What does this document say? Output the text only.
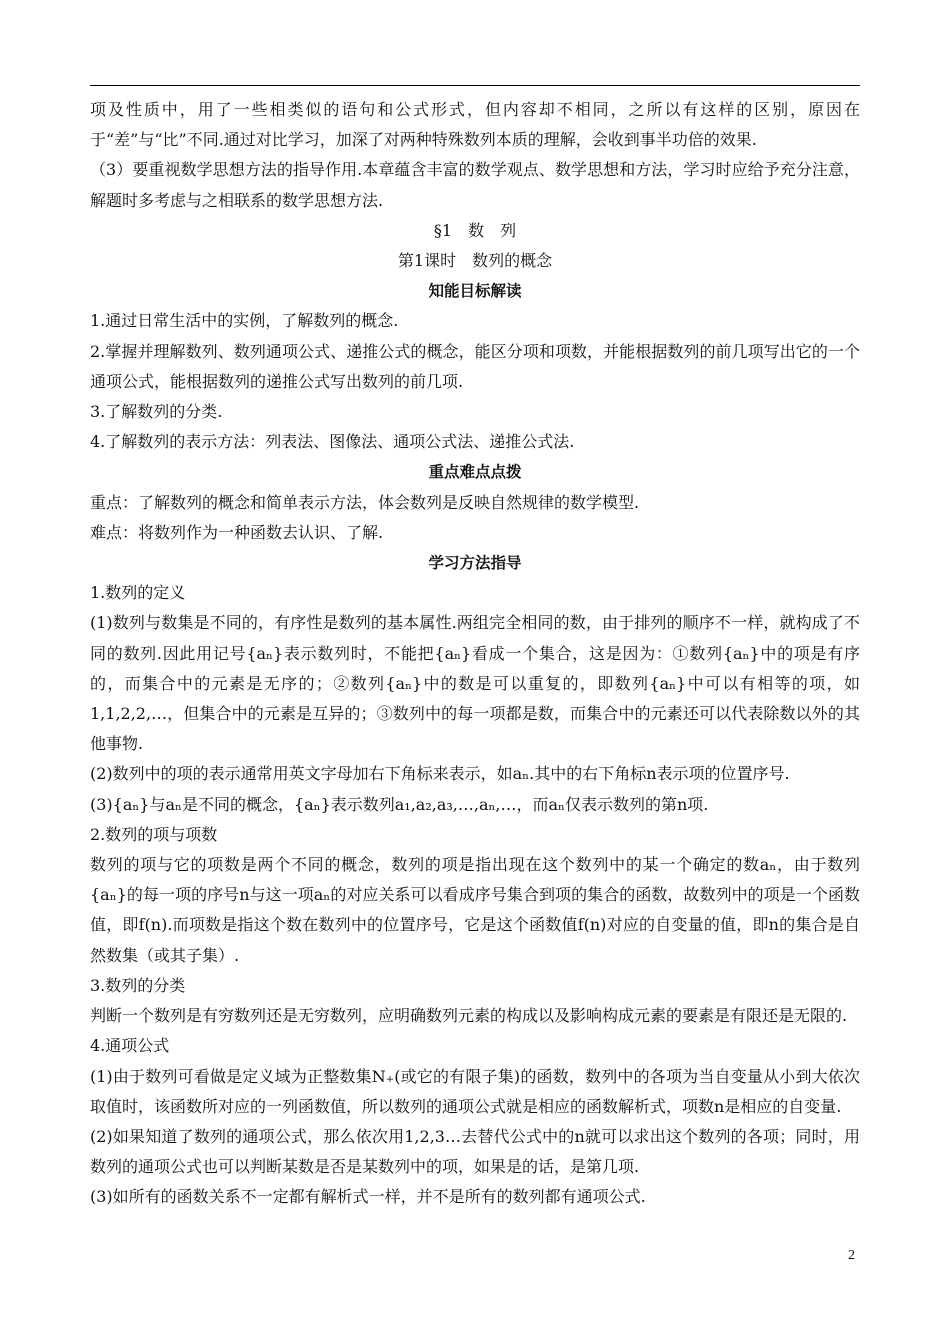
项及性质中，用了一些相类似的语句和公式形式，但内容却不相同，之所以有这样的区别，原因在于“差”与“比”不同.通过对比学习，加深了对两种特殊数列本质的理解，会收到事半功倍的效果.

（3）要重视数学思想方法的指导作用.本章蕴含丰富的数学观点、数学思想和方法，学习时应给予充分注意，解题时多考虑与之相联系的数学思想方法.

§1　数　列

第1课时　数列的概念

知能目标解读

1.通过日常生活中的实例，了解数列的概念.

2.掌握并理解数列、数列通项公式、递推公式的概念，能区分项和项数，并能根据数列的前几项写出它的一个通项公式，能根据数列的递推公式写出数列的前几项.

3.了解数列的分类.

4.了解数列的表示方法：列表法、图像法、通项公式法、递推公式法.

重点难点点拨

重点：了解数列的概念和简单表示方法，体会数列是反映自然规律的数学模型.

难点：将数列作为一种函数去认识、了解.

学习方法指导

1.数列的定义

(1)数列与数集是不同的，有序性是数列的基本属性.两组完全相同的数，由于排列的顺序不一样，就构成了不同的数列.因此用记号{aₙ}表示数列时，不能把{aₙ}看成一个集合，这是因为：①数列{aₙ}中的项是有序的，而集合中的元素是无序的；②数列{aₙ}中的数是可以重复的，即数列{aₙ}中可以有相等的项，如1,1,2,2,…，但集合中的元素是互异的；③数列中的每一项都是数，而集合中的元素还可以代表除数以外的其他事物.

(2)数列中的项的表示通常用英文字母加右下角标来表示，如aₙ.其中的右下角标n表示项的位置序号.

(3){aₙ}与aₙ是不同的概念，{aₙ}表示数列a₁,a₂,a₃,…,aₙ,…，而aₙ仅表示数列的第n项.

2.数列的项与项数

数列的项与它的项数是两个不同的概念，数列的项是指出现在这个数列中的某一个确定的数aₙ，由于数列{aₙ}的每一项的序号n与这一项aₙ的对应关系可以看成序号集合到项的集合的函数，故数列中的项是一个函数值，即f(n).而项数是指这个数在数列中的位置序号，它是这个函数值f(n)对应的自变量的值，即n的集合是自然数集（或其子集）.

3.数列的分类

判断一个数列是有穷数列还是无穷数列，应明确数列元素的构成以及影响构成元素的要素是有限还是无限的.

4.通项公式

(1)由于数列可看做是定义域为正整数集N₊(或它的有限子集)的函数，数列中的各项为当自变量从小到大依次取值时，该函数所对应的一列函数值，所以数列的通项公式就是相应的函数解析式，项数n是相应的自变量.

(2)如果知道了数列的通项公式，那么依次用1,2,3…去替代公式中的n就可以求出这个数列的各项；同时，用数列的通项公式也可以判断某数是否是某数列中的项，如果是的话，是第几项.

(3)如所有的函数关系不一定都有解析式一样，并不是所有的数列都有通项公式.

2
